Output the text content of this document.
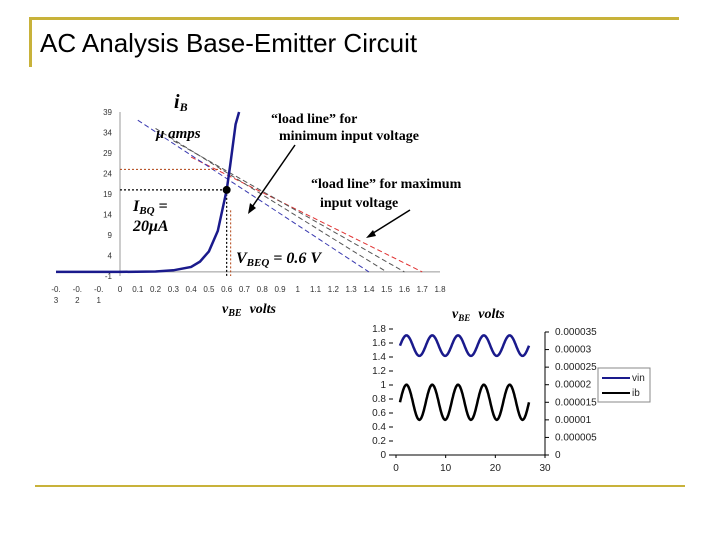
AC Analysis Base-Emitter Circuit
-1
4
9
14
19
24
29
34
39
-0.
3
-0.
2
-0.
1
0 0.1 0.2 0.3 0.4 0.5 0.6 0.7 0.8 0.9 1 1.1 1.2 1.3 1.4 1.5 1.6 1.7 1.8
iB
μ amps
“load line” for
minimum input voltage
“load line” for maximum
input voltage
IBQ =
20μA
VBEQ = 0.6 V
$v_{BE}$ volts	$v_{BE}$ volts
0	10	20	30
0
0.2
0.4
0.6
0.8
1
1.2
1.4
1.6
1.8
0
0.000005
0.00001
0.000015
0.00002
0.000025
0.00003
0.000035
vin
ib
